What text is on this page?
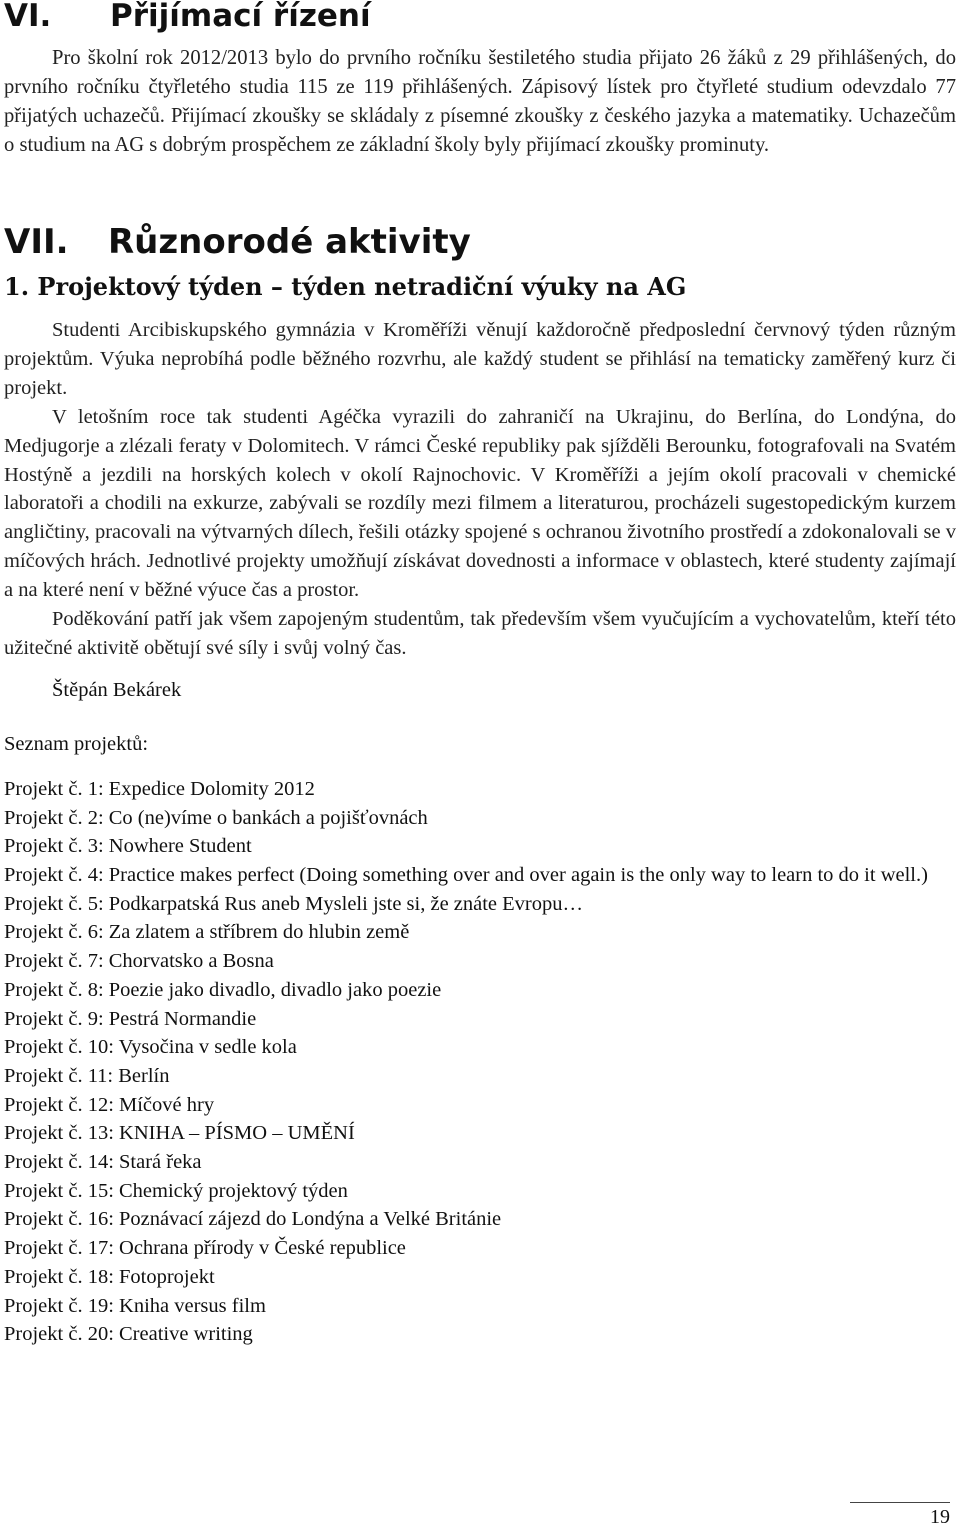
VI. Přijímací řízení

Pro školní rok 2012/2013 bylo do prvního ročníku šestiletého studia přijato 26 žáků z 29 přihlášených, do prvního ročníku čtyřletého studia 115 ze 119 přihlášených. Zápisový lístek pro čtyřleté studium odevzdalo 77 přijatých uchazečů. Přijímací zkoušky se skládaly z písemné zkoušky z českého jazyka a matematiky. Uchazečům o studium na AG s dobrým prospěchem ze základní školy byly přijímací zkoušky prominuty.

VII. Různorodé aktivity
1. Projektový týden – týden netradiční výuky na AG

Studenti Arcibiskupského gymnázia v Kroměříži věnují každoročně předposlední červnový týden různým projektům. Výuka neprobíhá podle běžného rozvrhu, ale každý student se přihlásí na tematicky zaměřený kurz či projekt.

V letošním roce tak studenti Agéčka vyrazili do zahraničí na Ukrajinu, do Berlína, do Londýna, do Medjugorje a zlézali feraty v Dolomitech. V rámci České republiky pak sjížděli Berounku, fotografovali na Svatém Hostýně a jezdili na horských kolech v okolí Rajnochovic. V Kroměříži a jejím okolí pracovali v chemické laboratoři a chodili na exkurze, zabývali se rozdíly mezi filmem a literaturou, procházeli sugestopedickým kurzem angličtiny, pracovali na výtvarných dílech, řešili otázky spojené s ochranou životního prostředí a zdokonalovali se v míčových hrách. Jednotlivé projekty umožňují získávat dovednosti a informace v oblastech, které studenty zajímají a na které není v běžné výuce čas a prostor.

Poděkování patří jak všem zapojeným studentům, tak především všem vyučujícím a vychovatelům, kteří této užitečné aktivitě obětují své síly i svůj volný čas.

Štěpán Bekárek
Seznam projektů:
Projekt č. 1: Expedice Dolomity 2012
Projekt č. 2: Co (ne)víme o bankách a pojišťovnách
Projekt č. 3: Nowhere Student
Projekt č. 4: Practice makes perfect (Doing something over and over again is the only way to learn to do it well.)
Projekt č. 5: Podkarpatská Rus aneb Mysleli jste si, že znáte Evropu…
Projekt č. 6: Za zlatem a stříbrem do hlubin země
Projekt č. 7: Chorvatsko a Bosna
Projekt č. 8: Poezie jako divadlo, divadlo jako poezie
Projekt č. 9: Pestrá Normandie
Projekt č. 10: Vysočina v sedle kola
Projekt č. 11: Berlín
Projekt č. 12: Míčové hry
Projekt č. 13: KNIHA – PÍSMO – UMĚNÍ
Projekt č. 14: Stará řeka
Projekt č. 15: Chemický projektový týden
Projekt č. 16: Poznávací zájezd do Londýna a Velké Británie
Projekt č. 17: Ochrana přírody v České republice
Projekt č. 18: Fotoprojekt
Projekt č. 19: Kniha versus film
Projekt č. 20: Creative writing
19
